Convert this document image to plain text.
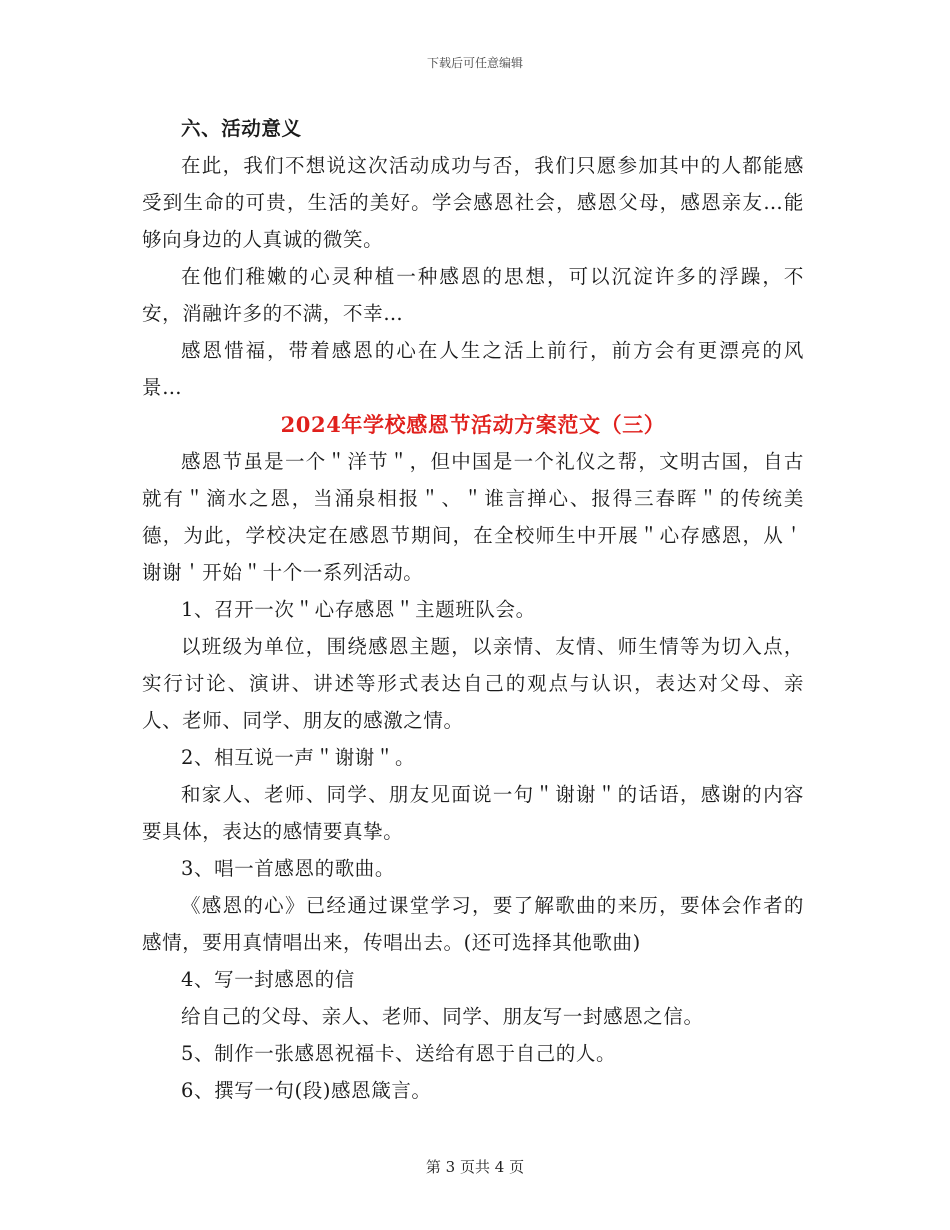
下载后可任意编辑

六、活动意义

在此，我们不想说这次活动成功与否，我们只愿参加其中的人都能感受到生命的可贵，生活的美好。学会感恩社会，感恩父母，感恩亲友…能够向身边的人真诚的微笑。

在他们稚嫩的心灵种植一种感恩的思想，可以沉淀许多的浮躁，不安，消融许多的不满，不幸…

感恩惜福，带着感恩的心在人生之活上前行，前方会有更漂亮的风景…

2024年学校感恩节活动方案范文（三）

感恩节虽是一个＂洋节＂，但中国是一个礼仪之帮，文明古国，自古就有＂滴水之恩，当涌泉相报＂、＂谁言掸心、报得三春晖＂的传统美德，为此，学校决定在感恩节期间，在全校师生中开展＂心存感恩，从＇谢谢＇开始＂十个一系列活动。

1、召开一次＂心存感恩＂主题班队会。

以班级为单位，围绕感恩主题，以亲情、友情、师生情等为切入点，实行讨论、演讲、讲述等形式表达自己的观点与认识，表达对父母、亲人、老师、同学、朋友的感激之情。

2、相互说一声＂谢谢＂。

和家人、老师、同学、朋友见面说一句＂谢谢＂的话语，感谢的内容要具体，表达的感情要真挚。

3、唱一首感恩的歌曲。

《感恩的心》已经通过课堂学习，要了解歌曲的来历，要体会作者的感情，要用真情唱出来，传唱出去。(还可选择其他歌曲)

4、写一封感恩的信

给自己的父母、亲人、老师、同学、朋友写一封感恩之信。

5、制作一张感恩祝福卡、送给有恩于自己的人。

6、撰写一句(段)感恩箴言。

第 3 页共 4 页
